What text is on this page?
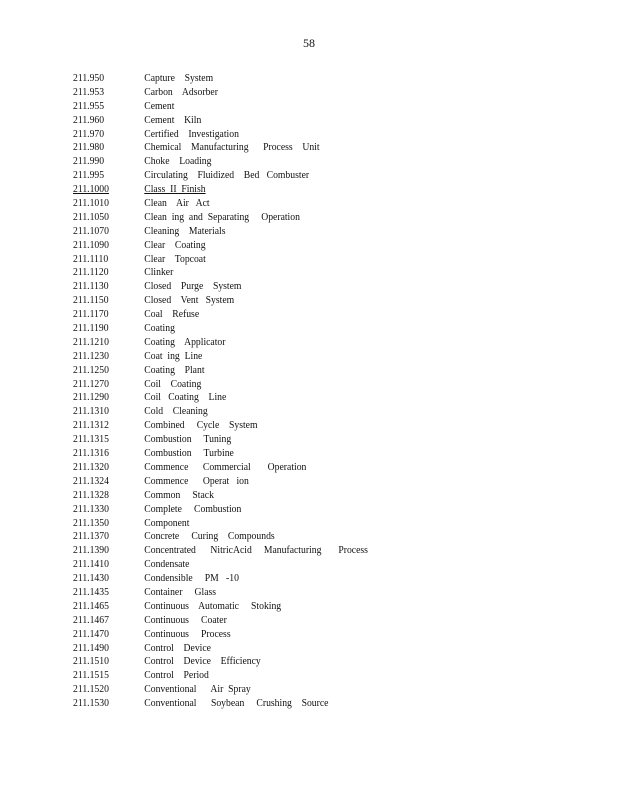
58
211.950	Capture    System
211.953	Carbon    Adsorber
211.955	Cement
211.960	Cement    Kiln
211.970	Certified    Investigation
211.980	Chemical    Manufacturing      Process    Unit
211.990	Choke    Loading
211.995	Circulating    Fluidized    Bed   Combuster
211.1000	Class  II  Finish
211.1010	Clean    Air   Act
211.1050	Clean  ing  and  Separating     Operation
211.1070	Cleaning    Materials
211.1090	Clear    Coating
211.1110	Clear    Topcoat
211.1120	Clinker
211.1130	Closed    Purge    System
211.1150	Closed    Vent   System
211.1170	Coal    Refuse
211.1190	Coating
211.1210	Coating    Applicator
211.1230	Coat  ing  Line
211.1250	Coating    Plant
211.1270	Coil    Coating
211.1290	Coil   Coating    Line
211.1310	Cold    Cleaning
211.1312	Combined     Cycle    System
211.1315	Combustion     Tuning
211.1316	Combustion     Turbine
211.1320	Commence      Commercial       Operation
211.1324	Commence      Operat   ion
211.1328	Common     Stack
211.1330	Complete     Combustion
211.1350	Component
211.1370	Concrete     Curing    Compounds
211.1390	Concentrated      NitricAcid     Manufacturing       Process
211.1410	Condensate
211.1430	Condensible     PM   -10
211.1435	Container     Glass
211.1465	Continuous    Automatic     Stoking
211.1467	Continuous     Coater
211.1470	Continuous     Process
211.1490	Control    Device
211.1510	Control    Device    Efficiency
211.1515	Control    Period
211.1520	Conventional      Air  Spray
211.1530	Conventional      Soybean     Crushing    Source
